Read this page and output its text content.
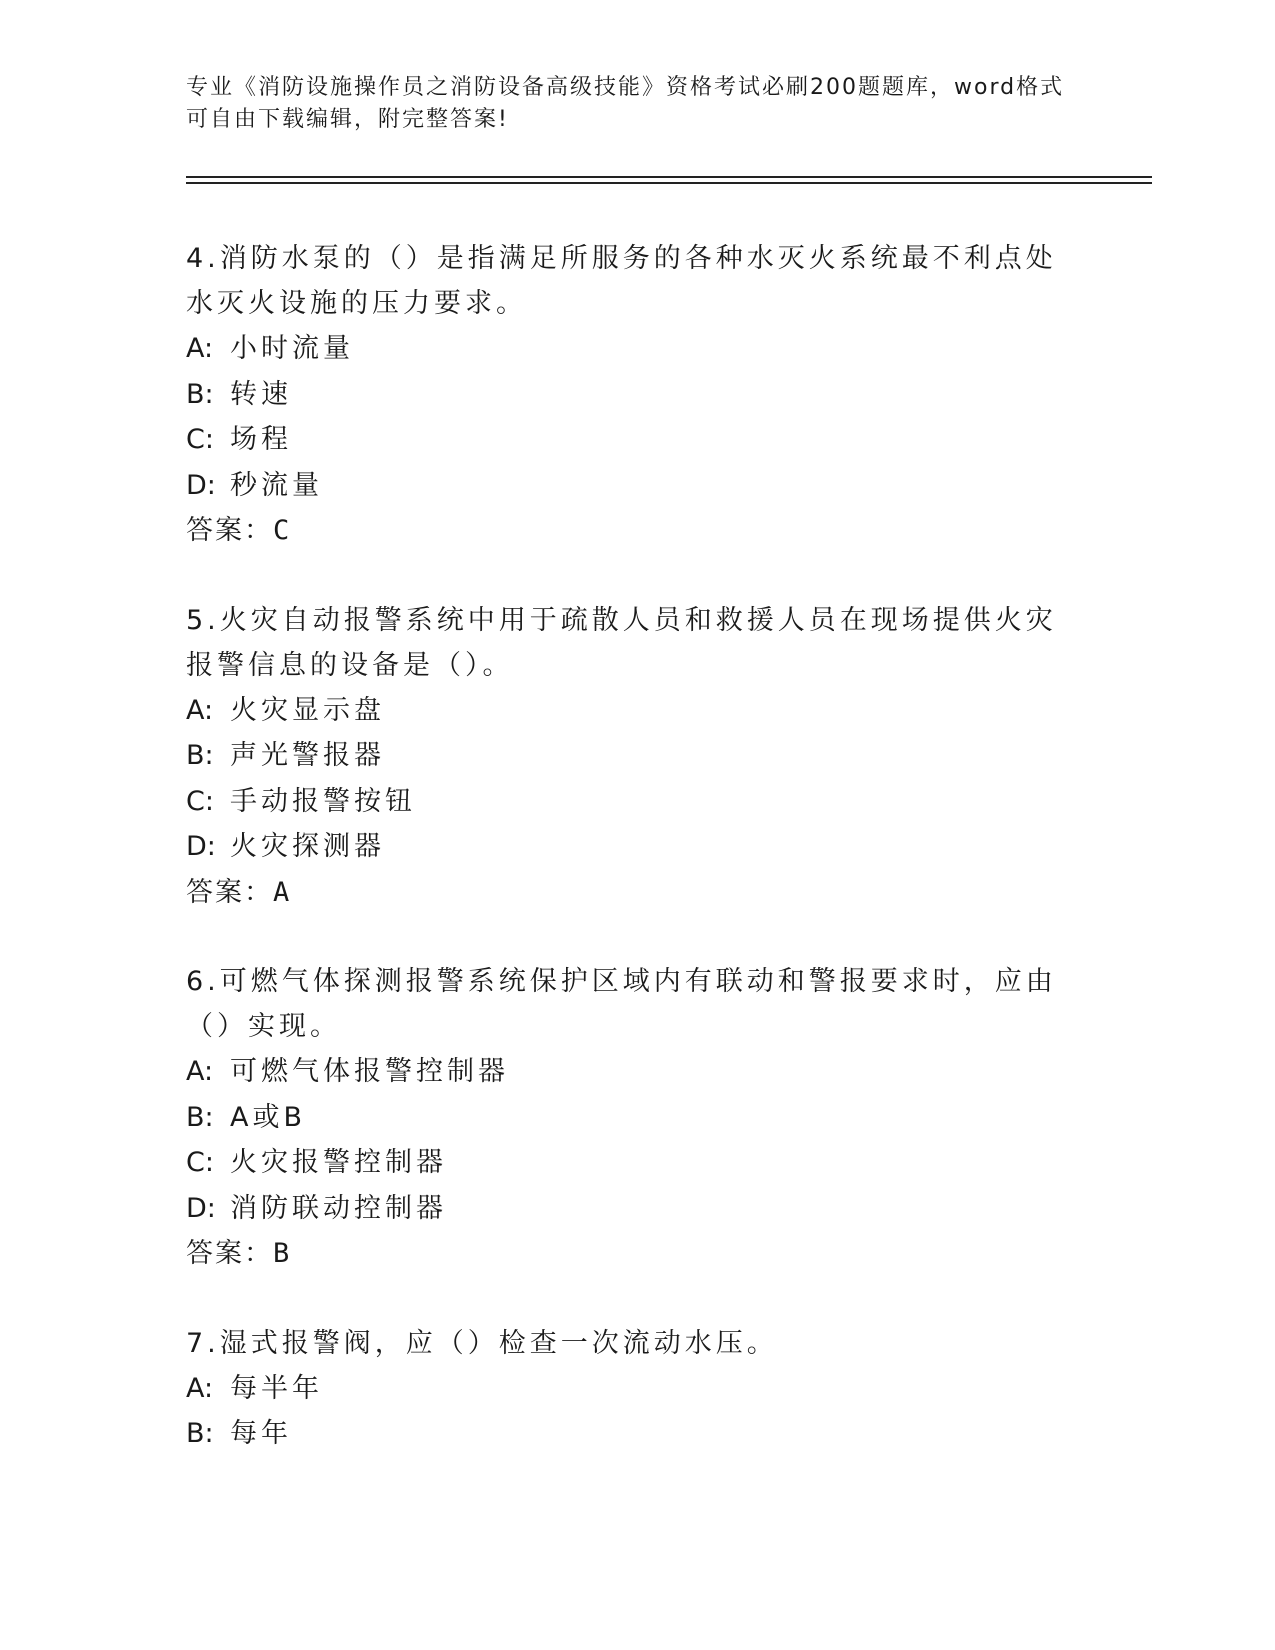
专业《消防设施操作员之消防设备高级技能》资格考试必刷200题题库，word格式可自由下载编辑，附完整答案!

4.消防水泵的（）是指满足所服务的各种水灭火系统最不利点处水灭火设施的压力要求。

A: 小时流量
B: 转速
C: 场程
D: 秒流量
答案：C

5.火灾自动报警系统中用于疏散人员和救援人员在现场提供火灾报警信息的设备是（）。

A: 火灾显示盘
B: 声光警报器
C: 手动报警按钮
D: 火灾探测器
答案：A

6.可燃气体探测报警系统保护区域内有联动和警报要求时，应由（）实现。

A: 可燃气体报警控制器
B: A或B
C: 火灾报警控制器
D: 消防联动控制器
答案：B

7.湿式报警阀，应（）检查一次流动水压。

A: 每半年
B: 每年
